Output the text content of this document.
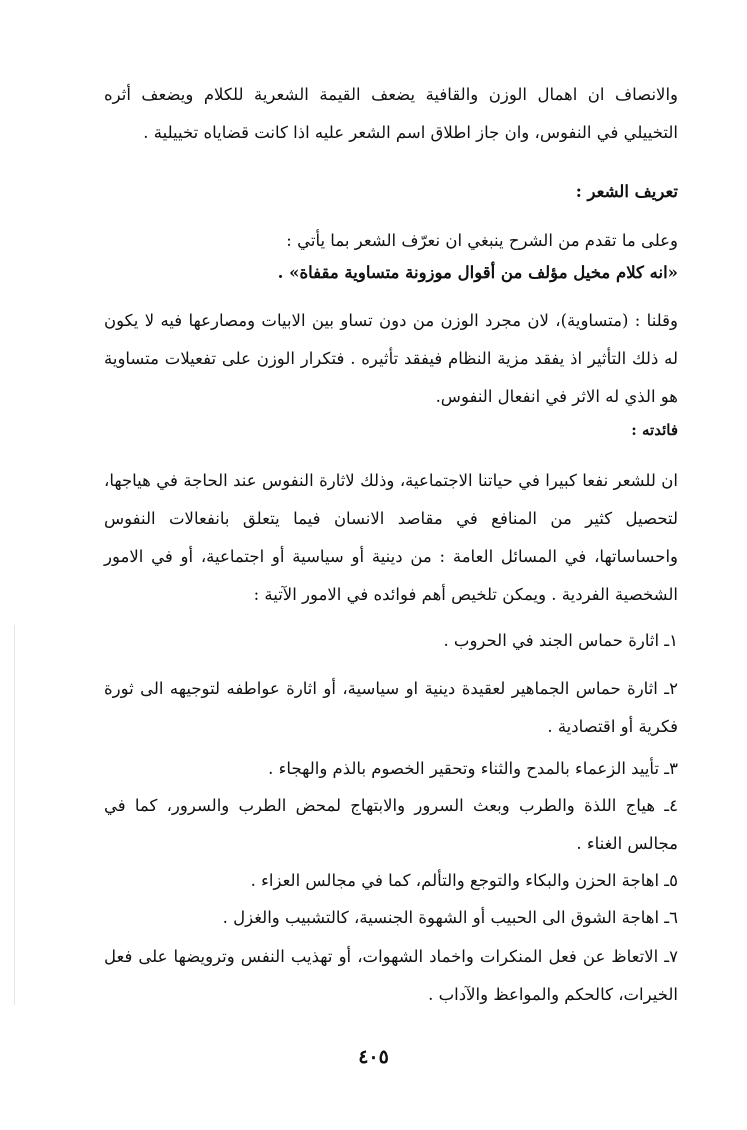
والانصاف ان اهمال الوزن والقافية يضعف القيمة الشعرية للكلام ويضعف أثره التخييلي في النفوس، وان جاز اطلاق اسم الشعر عليه اذا كانت قضاياه تخييلية .

تعريف الشعر :

وعلى ما تقدم من الشرح ينبغي ان نعرّف الشعر بما يأتي :

«انه كلام مخيل مؤلف من أقوال موزونة متساوية مقفاة» .

وقلنا : (متساوية)، لان مجرد الوزن من دون تساو بين الابيات ومصارعها فيه لا يكون له ذلك التأثير اذ يفقد مزية النظام فيفقد تأثيره . فتكرار الوزن على تفعيلات متساوية هو الذي له الاثر في انفعال النفوس.

فائدته :

ان للشعر نفعا كبيرا في حياتنا الاجتماعية، وذلك لاثارة النفوس عند الحاجة في هياجها، لتحصيل كثير من المنافع في مقاصد الانسان فيما يتعلق بانفعالات النفوس واحساساتها، في المسائل العامة : من دينية أو سياسية أو اجتماعية، أو في الامور الشخصية الفردية . ويمكن تلخيص أهم فوائده في الامور الآتية :

١ـ اثارة حماس الجند في الحروب .

٢ـ اثارة حماس الجماهير لعقيدة دينية او سياسية، أو اثارة عواطفه لتوجيهه الى ثورة فكرية أو اقتصادية .

٣ـ تأييد الزعماء بالمدح والثناء وتحقير الخصوم بالذم والهجاء .

٤ـ هياج اللذة والطرب وبعث السرور والابتهاج لمحض الطرب والسرور، كما في مجالس الغناء .

٥ـ اهاجة الحزن والبكاء والتوجع والتألم، كما في مجالس العزاء .

٦ـ اهاجة الشوق الى الحبيب أو الشهوة الجنسية، كالتشبيب والغزل .

٧ـ الاتعاظ عن فعل المنكرات واخماد الشهوات، أو تهذيب النفس وترويضها على فعل الخيرات، كالحكم والمواعظ والآداب .

٤٠٥
